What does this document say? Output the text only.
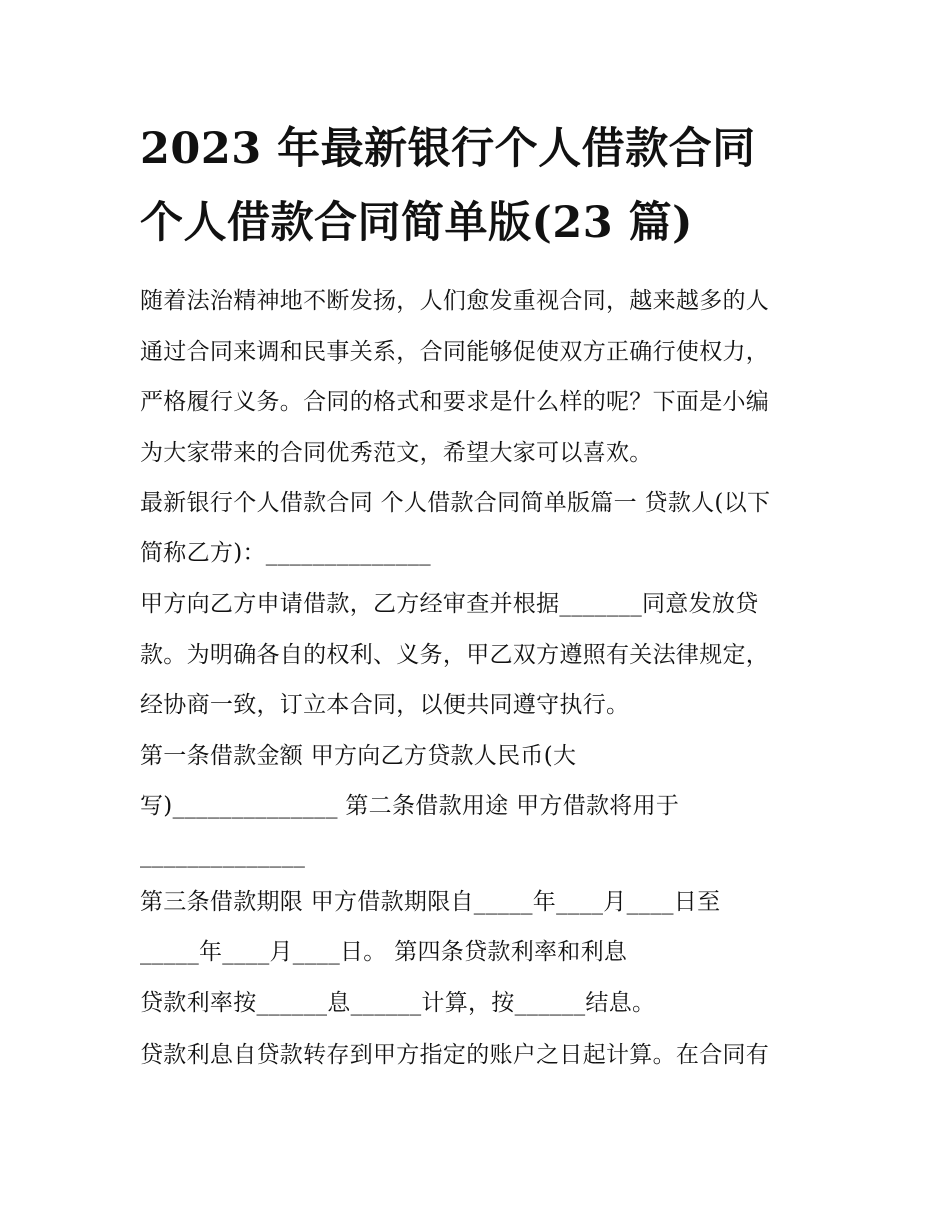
2023 年最新银行个人借款合同
个人借款合同简单版(23 篇)

随着法治精神地不断发扬，人们愈发重视合同，越来越多的人

通过合同来调和民事关系，合同能够促使双方正确行使权力，

严格履行义务。合同的格式和要求是什么样的呢？下面是小编

为大家带来的合同优秀范文，希望大家可以喜欢。

最新银行个人借款合同 个人借款合同简单版篇一 贷款人(以下

简称乙方)：______________

甲方向乙方申请借款，乙方经审查并根据_______同意发放贷

款。为明确各自的权利、义务，甲乙双方遵照有关法律规定，

经协商一致，订立本合同，以便共同遵守执行。

第一条借款金额 甲方向乙方贷款人民币(大

写)______________ 第二条借款用途 甲方借款将用于

______________

第三条借款期限 甲方借款期限自_____年____月____日至

_____年____月____日。 第四条贷款利率和利息

贷款利率按______息______计算，按______结息。

贷款利息自贷款转存到甲方指定的账户之日起计算。在合同有
